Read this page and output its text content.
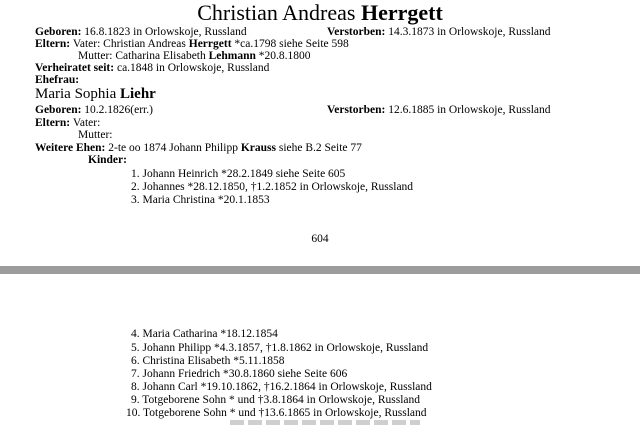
Christian Andreas Herrgett
Geboren: 16.8.1823 in Orlowskoje, Russland	Verstorben: 14.3.1873 in Orlowskoje, Russland
Eltern: Vater: Christian Andreas Herrgett *ca.1798 siehe Seite 598
Mutter: Catharina Elisabeth Lehmann *20.8.1800
Verheiratet seit: ca.1848 in Orlowskoje, Russland
Ehefrau:
Maria Sophia Liehr
Geboren: 10.2.1826(err.)	Verstorben: 12.6.1885 in Orlowskoje, Russland
Eltern: Vater:
Mutter:
Weitere Ehen: 2-te oo 1874 Johann Philipp Krauss siehe B.2 Seite 77
Kinder:
1. Johann Heinrich *28.2.1849 siehe Seite 605
2. Johannes *28.12.1850, †1.2.1852 in Orlowskoje, Russland
3. Maria Christina *20.1.1853
604
4. Maria Catharina *18.12.1854
5. Johann Philipp *4.3.1857, †1.8.1862 in Orlowskoje, Russland
6. Christina Elisabeth *5.11.1858
7. Johann Friedrich *30.8.1860 siehe Seite 606
8. Johann Carl *19.10.1862, †16.2.1864 in Orlowskoje, Russland
9. Totgeborene Sohn * und †3.8.1864 in Orlowskoje, Russland
10. Totgeborene Sohn * und †13.6.1865 in Orlowskoje, Russland
